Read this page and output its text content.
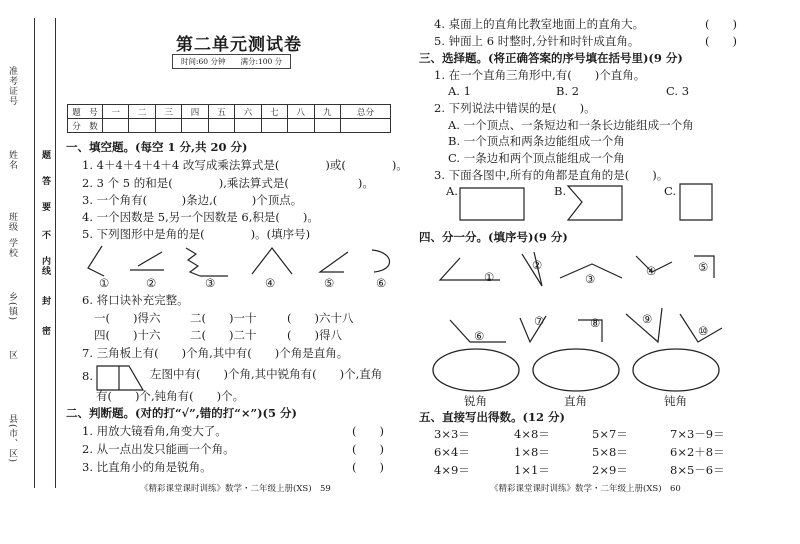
准考证号
姓名
班级
学校
乡(镇)
区
县(市、区)
密
封
线
内
不
要
答
题
第二单元测试卷
时间:60 分钟　　满分:100 分
题　号	一	二	三	四	五	六	七	八	九	总分
分　数										
一、填空题。(每空 1 分,共 20 分)
1. 4＋4＋4＋4＋4 改写成乘法算式是(　　　　)或(　　　　)。
2. 3 个 5 的和是(　　　　),乘法算式是(　　　　　　)。
3. 一个角有(　　　)条边,(　　　)个顶点。
4. 一个因数是 5,另一个因数是 6,积是(　　)。
5. 下列图形中是角的是(　　　　)。(填序号)
①	②	③	④	⑤	⑥
6. 将口诀补充完整。
一(　　)得六	二(　　)一十	(　　)六十八
四(　　)十六	二(　　)二十	(　　)得八
7. 三角板上有(　　)个角,其中有(　　)个角是直角。
8.	左图中有(　　)个角,其中锐角有(　　)个,直角
有(　　)个,钝角有(　　)个。
二、判断题。(对的打“√”,错的打“×”)(5 分)
1. 用放大镜看角,角变大了。	(　　)
2. 从一点出发只能画一个角。	(　　)
3. 比直角小的角是锐角。	(　　)
《精彩课堂课时训练》数学・二年级上册(XS)　59
4. 桌面上的直角比教室地面上的直角大。	(　　)
5. 钟面上 6 时整时,分针和时针成直角。	(　　)
三、选择题。(将正确答案的序号填在括号里)(9 分)
1. 在一个直角三角形中,有(　　)个直角。
A. 1	B. 2	C. 3
2. 下列说法中错误的是(　　)。
A. 一个顶点、一条短边和一条长边能组成一个角
B. 一个顶点和两条边能组成一个角
C. 一条边和两个顶点能组成一个角
3. 下面各图中,所有的角都是直角的是(　　)。
A.	B.	C.
四、分一分。(填序号)(9 分)
①
②
③
④	⑤
⑥
⑦	⑧	⑨
⑩
锐角	直角	钝角
五、直接写出得数。(12 分)
3×3＝	4×8＝	5×7＝	7×3－9＝
6×4＝	1×8＝	5×8＝	6×2＋8＝
4×9＝	1×1＝	2×9＝	8×5－6＝
《精彩课堂课时训练》数学・二年级上册(XS)　60
